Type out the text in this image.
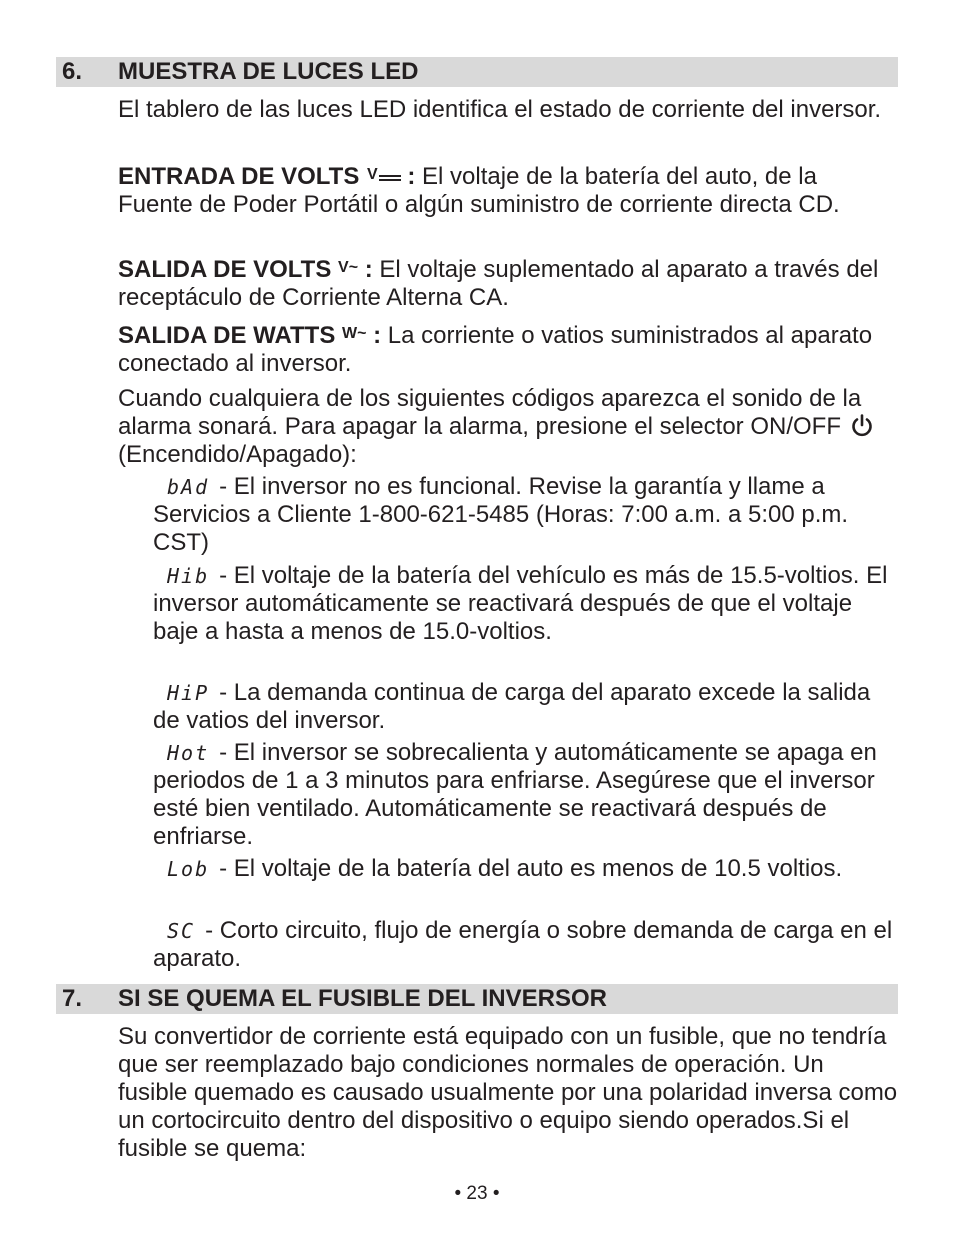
6. MUESTRA DE LUCES LED

El tablero de las luces LED identifica el estado de corriente del inversor.

ENTRADA DE VOLTS $^V$ : El voltaje de la batería del auto, de la Fuente de Poder Portátil o algún suministro de corriente directa CD.

SALIDA DE VOLTS $^{V\sim}$ : El voltaje suplementado al aparato a través del receptáculo de Corriente Alterna CA.

SALIDA DE WATTS $^{W\sim}$ : La corriente o vatios suministrados al aparato conectado al inversor.

Cuando cualquiera de los siguientes códigos aparezca el sonido de la alarma sonará. Para apagar la alarma, presione el selector ON/OFF  (Encendido/Apagado):

bAd - El inversor no es funcional. Revise la garantía y llame a Servicios a Cliente 1-800-621-5485 (Horas: 7:00 a.m. a 5:00 p.m. CST)

Hib - El voltaje de la batería del vehículo es más de 15.5-voltios. El inversor automáticamente se reactivará después de que el voltaje baje a hasta a menos de 15.0-voltios.

HiP - La demanda continua de carga del aparato excede la salida de vatios del inversor.

Hot - El inversor se sobrecalienta y automáticamente se apaga en periodos de 1 a 3 minutos para enfriarse. Asegúrese que el inversor esté bien ventilado. Automáticamente se reactivará después de enfriarse.

Lob - El voltaje de la batería del auto es menos de 10.5 voltios.

SC - Corto circuito, flujo de energía o sobre demanda de carga en el aparato.

7. SI SE QUEMA EL FUSIBLE DEL INVERSOR

Su convertidor de corriente está equipado con un fusible, que no tendría que ser reemplazado bajo condiciones normales de operación. Un fusible quemado es causado usualmente por una polaridad inversa como un cortocircuito dentro del dispositivo o equipo siendo operados.Si el fusible se quema:

• 23 •
